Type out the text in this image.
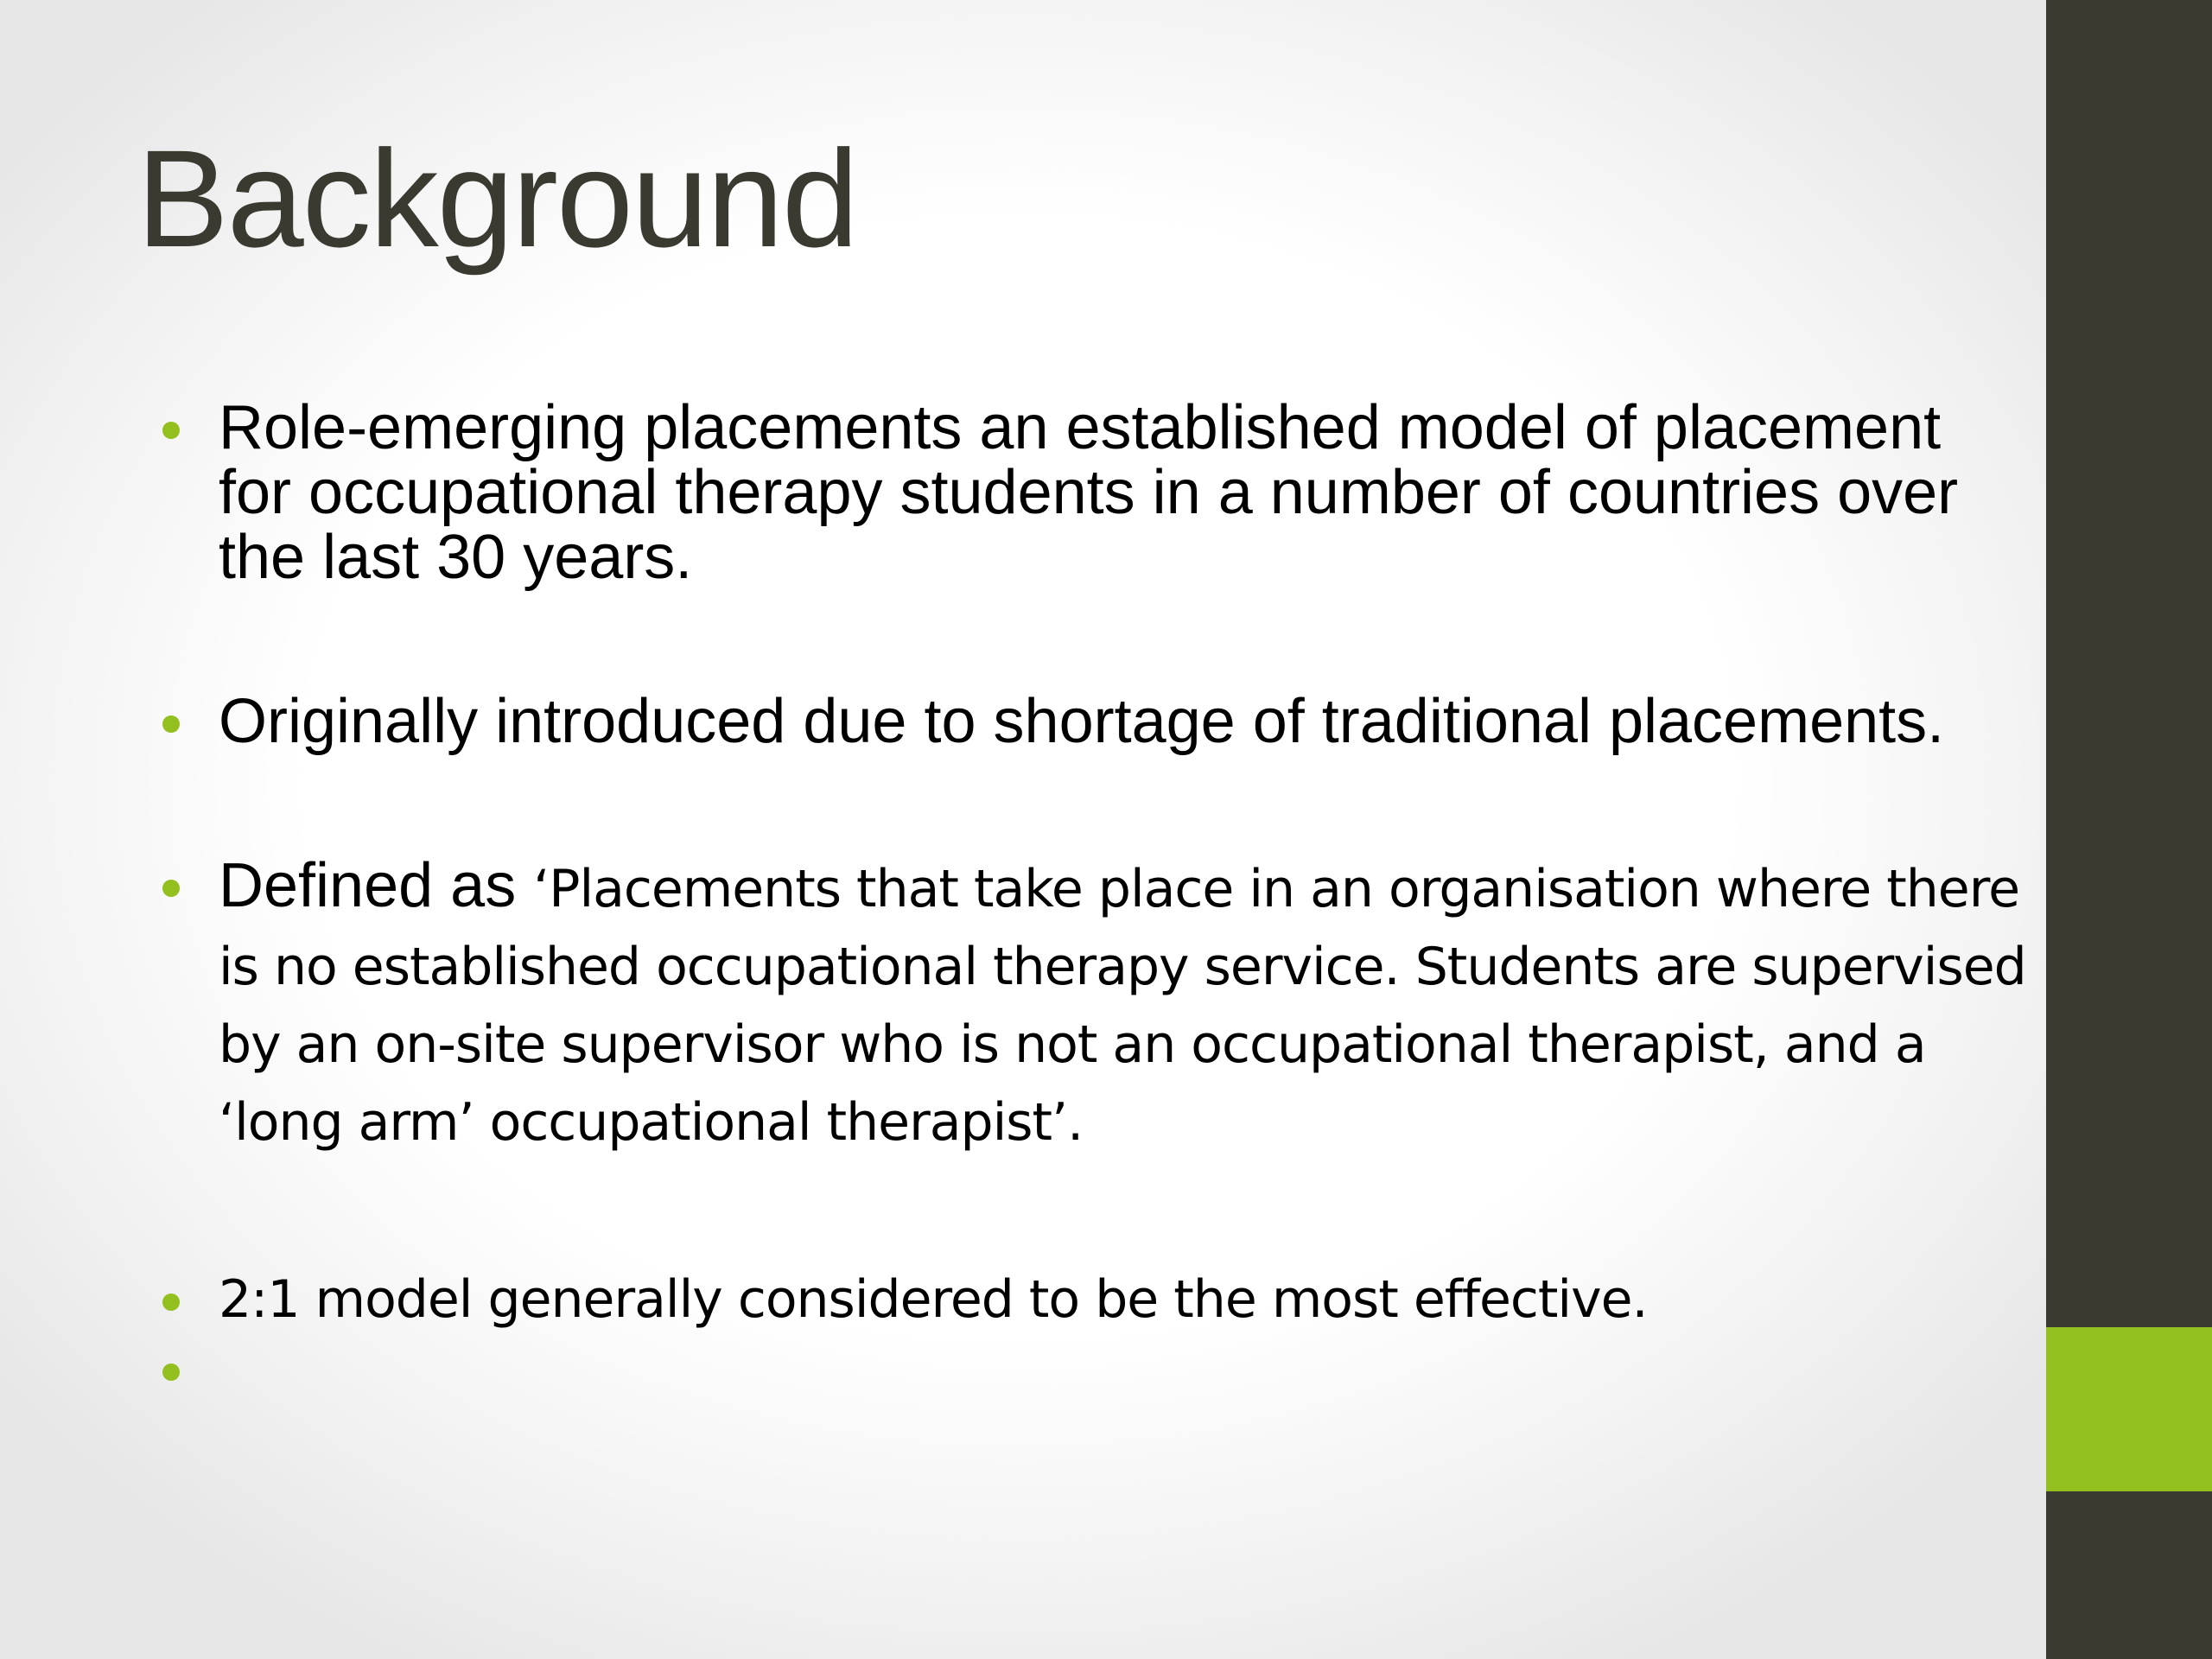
Background
Role-emerging placements an established model of placement for occupational therapy students in a number of countries over the last 30 years.
Originally introduced due to shortage of traditional placements.
Defined as ‘Placements that take place in an organisation where there is no established occupational therapy service. Students are supervised by an on-site supervisor who is not an occupational therapist, and a ‘long arm’ occupational therapist’.
2:1 model generally considered to be the most effective.
